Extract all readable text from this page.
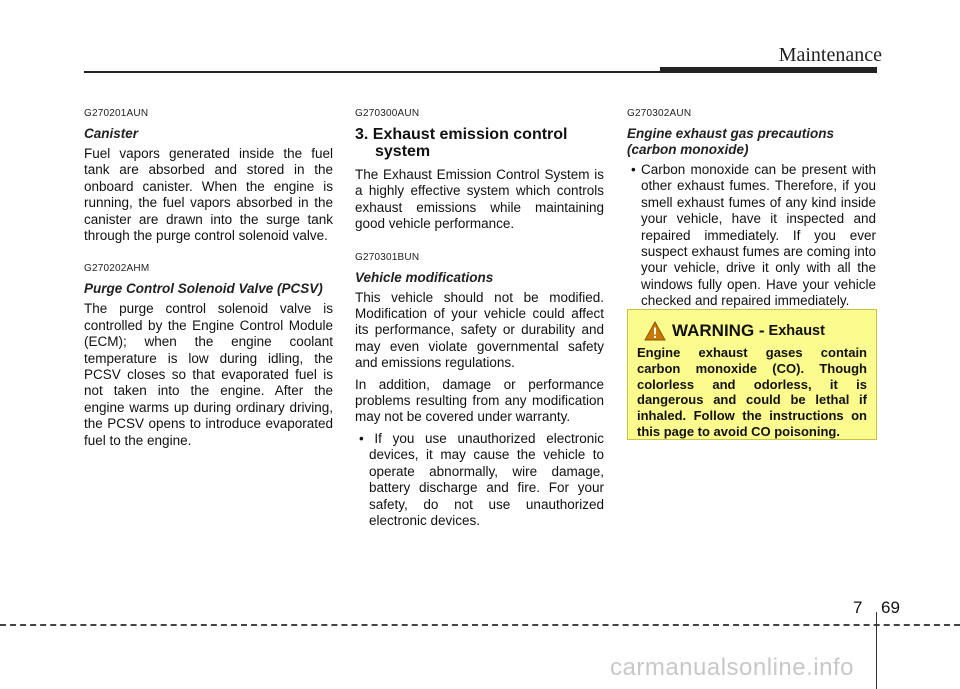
Maintenance
G270201AUN
Canister

Fuel vapors generated inside the fuel tank are absorbed and stored in the onboard canister. When the engine is running, the fuel vapors absorbed in the canister are drawn into the surge tank through the purge control solenoid valve.

G270202AHM
Purge Control Solenoid Valve (PCSV)

The purge control solenoid valve is controlled by the Engine Control Module (ECM); when the engine coolant temperature is low during idling, the PCSV closes so that evaporated fuel is not taken into the engine. After the engine warms up during ordinary driving, the PCSV opens to introduce evaporated fuel to the engine.

G270300AUN
3. Exhaust emission control system

The Exhaust Emission Control System is a highly effective system which controls exhaust emissions while maintaining good vehicle performance.

G270301BUN
Vehicle modifications

This vehicle should not be modified. Modification of your vehicle could affect its performance, safety or durability and may even violate governmental safety and emissions regulations.

In addition, damage or performance problems resulting from any modification may not be covered under warranty.

• If you use unauthorized electronic devices, it may cause the vehicle to operate abnormally, wire damage, battery discharge and fire. For your safety, do not use unauthorized electronic devices.

G270302AUN
Engine exhaust gas precautions (carbon monoxide)

• Carbon monoxide can be present with other exhaust fumes. Therefore, if you smell exhaust fumes of any kind inside your vehicle, have it inspected and repaired immediately. If you ever suspect exhaust fumes are coming into your vehicle, drive it only with all the windows fully open. Have your vehicle checked and repaired immediately.

WARNING - Exhaust
Engine exhaust gases contain carbon monoxide (CO). Though colorless and odorless, it is dangerous and could be lethal if inhaled. Follow the instructions on this page to avoid CO poisoning.
7 69
carmanualsonline.info
